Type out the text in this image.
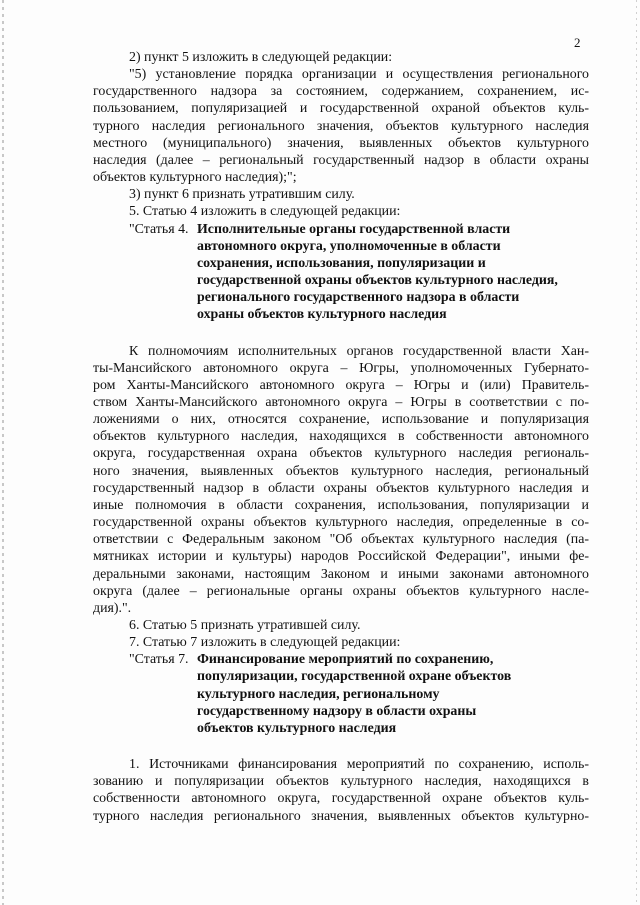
2
2) пункт 5 изложить в следующей редакции:
"5) установление порядка организации и осуществления регионального
государственного надзора за состоянием, содержанием, сохранением, ис-
пользованием, популяризацией и государственной охраной объектов куль-
турного наследия регионального значения, объектов культурного наследия
местного (муниципального) значения, выявленных объектов культурного
наследия (далее – региональный государственный надзор в области охраны
объектов культурного наследия);";
3) пункт 6 признать утратившим силу.
5. Статью 4 изложить в следующей редакции:
"Статья 4. Исполнительные органы государственной власти
автономного округа, уполномоченные в области
сохранения, использования, популяризации и
государственной охраны объектов культурного наследия,
регионального государственного надзора в области
охраны объектов культурного наследия
К полномочиям исполнительных органов государственной власти Хан-
ты-Мансийского автономного округа – Югры, уполномоченных Губернато-
ром Ханты-Мансийского автономного округа – Югры и (или) Правитель-
ством Ханты-Мансийского автономного округа – Югры в соответствии с по-
ложениями о них, относятся сохранение, использование и популяризация
объектов культурного наследия, находящихся в собственности автономного
округа, государственная охрана объектов культурного наследия региональ-
ного значения, выявленных объектов культурного наследия, региональный
государственный надзор в области охраны объектов культурного наследия и
иные полномочия в области сохранения, использования, популяризации и
государственной охраны объектов культурного наследия, определенные в со-
ответствии с Федеральным законом "Об объектах культурного наследия (па-
мятниках истории и культуры) народов Российской Федерации", иными фе-
деральными законами, настоящим Законом и иными законами автономного
округа (далее – региональные органы охраны объектов культурного насле-
дия).".
6. Статью 5 признать утратившей силу.
7. Статью 7 изложить в следующей редакции:
"Статья 7. Финансирование мероприятий по сохранению,
популяризации, государственной охране объектов
культурного наследия, региональному
государственному надзору в области охраны
объектов культурного наследия
1. Источниками финансирования мероприятий по сохранению, исполь-
зованию и популяризации объектов культурного наследия, находящихся в
собственности автономного округа, государственной охране объектов куль-
турного наследия регионального значения, выявленных объектов культурно-
